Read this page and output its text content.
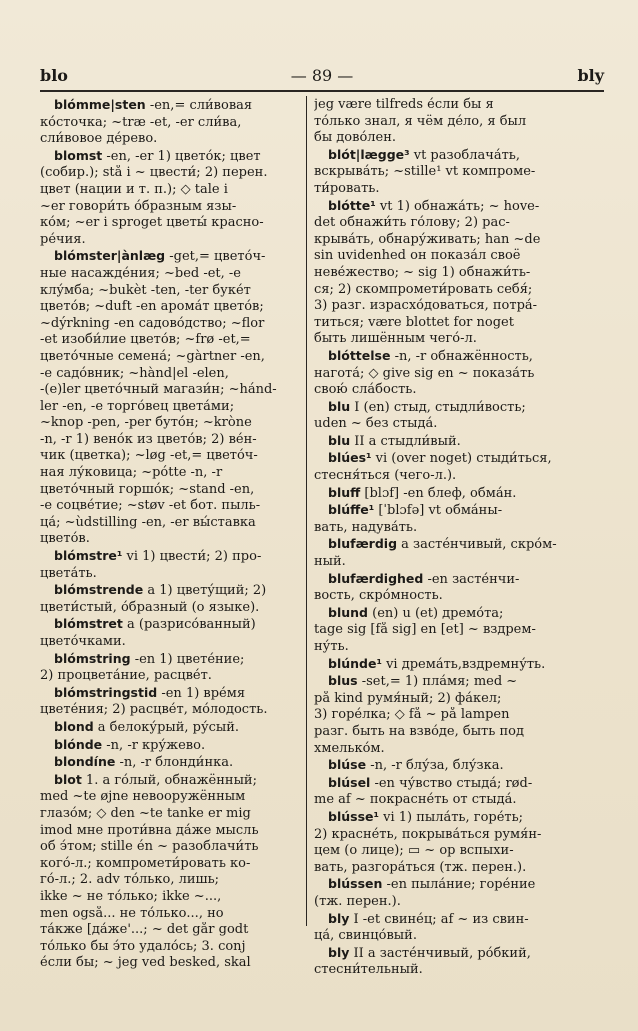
blo	— 89 —	bly
blómme|sten -en,= сли́вовая
ко́сточка; ~træ -et, -er сли́ва,
сли́вовое де́рево.
blomst -en, -er 1) цвето́к; цвет
(собир.); stå i ~ цвести́; 2) перен.
цвет (нации и т. п.); ◇ tale i
~er говори́ть о́бразным язы-
ко́м; ~er i sproget цветы́ красно-
ре́чия.
blómster|ànlæg -get,= цвето́ч-
ные насажде́ния; ~bed -et, -e
клу́мба; ~bukèt -ten, -ter буке́т
цвето́в; ~duft -en арома́т цвето́в;
~dýrkning -en садово́дство; ~flor
-et изоби́лие цвето́в; ~frø -et,=
цвето́чные семена́; ~gàrtner -en,
-e садо́вник; ~hànd|el -elen,
-(e)ler цвето́чный магази́н; ~hánd-
ler -en, -e торго́вец цвета́ми;
~knop -pen, -per буто́н; ~kròne
-n, -r 1) вено́к из цвето́в; 2) ве́н-
чик (цветка); ~løg -et,= цвето́ч-
ная лу́ковица; ~pótte -n, -r
цвето́чный горшо́к; ~stand -en,
-e соцве́тие; ~støv -et бот. пыль-
ца́; ~ùdstilling -en, -er вы́ставка
цвето́в.
blómstre¹ vi 1) цвести́; 2) про-
цвета́ть.
blómstrende a 1) цвету́щий; 2)
цвети́стый, о́бразный (о языке).
blómstret a (разрисо́ванный)
цвето́чками.
blómstring -en 1) цвете́ние;
2) процвета́ние, расцве́т.
blómstringstid -en 1) вре́мя
цвете́ния; 2) расцве́т, мо́лодость.
blond a белоку́рый, ру́сый.
blónde -n, -r кру́жево.
blondíne -n, -r блонди́нка.
blot 1. a го́лый, обнажённый;
med ~te øjne невооружённым
глазо́м; ◇ den ~te tanke er mig
imod мне проти́вна да́же мысль
об э́том; stille én ~ разоблачи́ть
кого́-л.; компромети́ровать ко-
го́-л.; 2. adv то́лько, лишь;
ikke ~ не то́лько; ikke ~...,
men også... не то́лько..., но
та́кже [да́же'...; ~ det går godt
то́лько бы э́то удало́сь; 3. conj
е́сли бы; ~ jeg ved besked, skal
jeg være tilfreds е́сли бы я
то́лько знал, я чём де́ло, я был
бы дово́лен.
blót|lægge³ vt разоблача́ть,
вскрыва́ть; ~stille¹ vt компроме-
ти́ровать.
blótte¹ vt 1) обнажа́ть; ~ hove-
det обнажи́ть го́лову; 2) рас-
крыва́ть, обнару́живать; han ~de
sin uvidenhed он показа́л своё
неве́жество; ~ sig 1) обнажи́ть-
ся; 2) скомпромети́ровать себя́;
3) разг. израсхо́доваться, потра́-
титься; være blottet for noget
быть лишённым чего́-л.
blóttelse -n, -r обнажённость,
нагота́; ◇ give sig en ~ показа́ть
свою́ сла́бость.
blu I (en) стыд, стыдли́вость;
uden ~ без стыда́.
blu II a стыдли́вый.
blúes¹ vi (over noget) стыди́ться,
стесня́ться (чего-л.).
bluff [blɔf] -en блеф, обма́н.
blúffe¹ [ˈblɔfə] vt обма́ны-
вать, надува́ть.
blufærdig a застéнчивый, скро́м-
ный.
blufærdighed -en засте́нчи-
вость, скро́мность.
blund (en) u (et) дремо́та;
tage sig [få sig] en [et] ~ вздрем-
ну́ть.
blúnde¹ vi дрема́ть,вздремну́ть.
blus -set,= 1) пла́мя; med ~
på kind румя́ный; 2) фа́кел;
3) горе́лка; ◇ få ~ på lampen
разг. быть на взво́де, быть под
хмелько́м.
blúse -n, -r блу́за, блу́зка.
blúsel -en чу́вство стыда́; rød-
me af ~ покрасне́ть от стыда́.
blússe¹ vi 1) пыла́ть, горе́ть;
2) красне́ть, покрыва́ться румя́н-
цем (о лице); ▭ ~ op вспыхи-
вать, разгора́ться (тж. перен.).
blússen -en пыла́ние; горе́ние
(тж. перен.).
bly I -et свине́ц; af ~ из свин-
ца́, свинцо́вый.
bly II a засте́нчивый, ро́бкий,
стесни́тельный.
